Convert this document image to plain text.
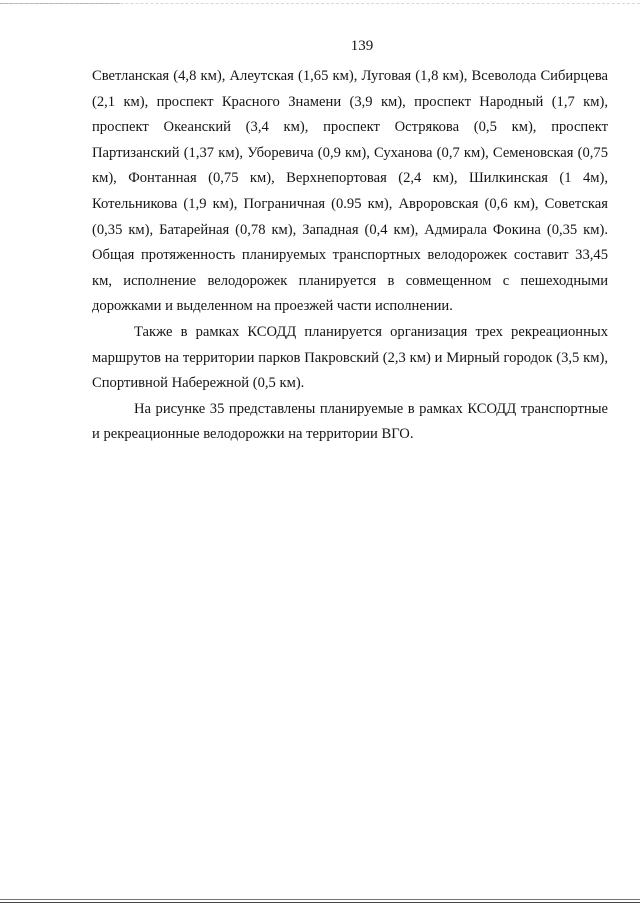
139

Светланская (4,8 км), Алеутская (1,65 км), Луговая (1,8 км), Всеволода Сибирцева (2,1 км), проспект Красного Знамени (3,9 км), проспект Народный (1,7 км), проспект Океанский (3,4 км), проспект Острякова (0,5 км), проспект Партизанский (1,37 км), Уборевича (0,9 км), Суханова (0,7 км), Семеновская (0,75 км), Фонтанная (0,75 км), Верхнепортовая (2,4 км), Шилкинская (1 4м), Котельникова (1,9 км), Пограничная (0.95 км), Авроровская (0,6 км), Советская (0,35 км), Батарейная (0,78 км), Западная (0,4 км), Адмирала Фокина (0,35 км). Общая протяженность планируемых транспортных велодорожек составит 33,45 км, исполнение велодорожек планируется в совмещенном с пешеходными дорожками и выделенном на проезжей части исполнении.

Также в рамках КСОДД планируется организация трех рекреационных маршрутов на территории парков Пакровский (2,3 км) и Мирный городок (3,5 км), Спортивной Набережной (0,5 км).

На рисунке 35 представлены планируемые в рамках КСОДД транспортные и рекреационные велодорожки на территории ВГО.
